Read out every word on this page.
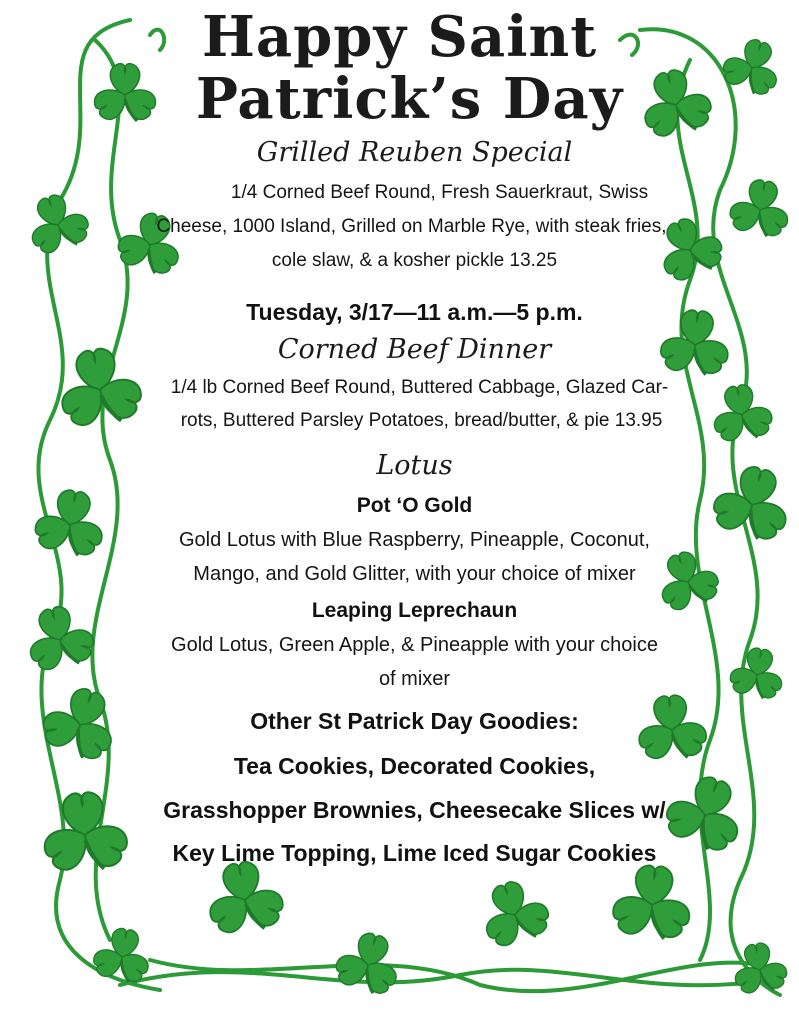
Happy Saint
Patrick’s Day
Grilled Reuben Special
1/4 Corned Beef Round, Fresh Sauerkraut, Swiss
Cheese, 1000 Island, Grilled on Marble Rye, with steak fries,
cole slaw, & a kosher pickle 13.25
Tuesday, 3/17—11 a.m.—5 p.m.
Corned Beef Dinner
1/4 lb Corned Beef Round, Buttered Cabbage, Glazed Car-
rots, Buttered Parsley Potatoes, bread/butter, & pie 13.95
Lotus
Pot ‘O Gold
Gold Lotus with Blue Raspberry, Pineapple, Coconut,
Mango, and Gold Glitter, with your choice of mixer
Leaping Leprechaun
Gold Lotus, Green Apple, & Pineapple with your choice
of mixer
Other St Patrick Day Goodies:
Tea Cookies, Decorated Cookies,
Grasshopper Brownies, Cheesecake Slices w/
Key Lime Topping, Lime Iced Sugar Cookies
